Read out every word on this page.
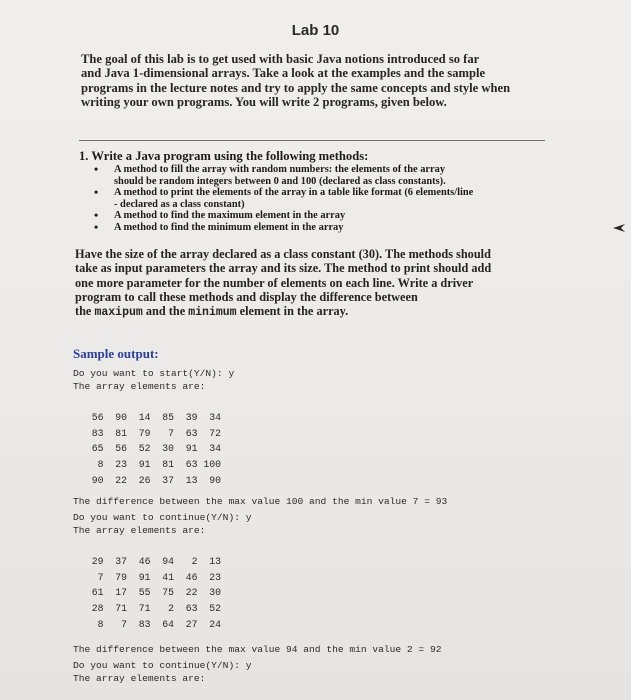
Lab 10
The goal of this lab is to get used with basic Java notions introduced so far
and Java 1-dimensional arrays. Take a look at the examples and the sample
programs in the lecture notes and try to apply the same concepts and style when
writing your own programs. You will write 2 programs, given below.
1. Write a Java program using the following methods:
•	A method to fill the array with random numbers: the elements of the array
should be random integers between 0 and 100 (declared as class constants).
•	A method to print the elements of the array in a table like format (6 elements/line
- declared as a class constant)
•	A method to find the maximum element in the array
•	A method to find the minimum element in the array
Have the size of the array declared as a class constant (30). The methods should
take as input parameters the array and its size. The method to print should add
one more parameter for the number of elements on each line. Write a driver
program to call these methods and display the difference between
the maxipum and the minimum element in the array.
Sample output:
Do you want to start(Y/N): y
The array elements are:
56	90	14	85	39	34
83	81	79	7	63	72
65	56	52	30	91	34
8	23	91	81	63	100
90	22	26	37	13	90
The difference between the max value 100 and the min value 7 = 93
Do you want to continue(Y/N): y
The array elements are:
29	37	46	94	2	13
7	79	91	41	46	23
61	17	55	75	22	30
28	71	71	2	63	52
8	7	83	64	27	24
The difference between the max value 94 and the min value 2 = 92
Do you want to continue(Y/N): y
The array elements are:
